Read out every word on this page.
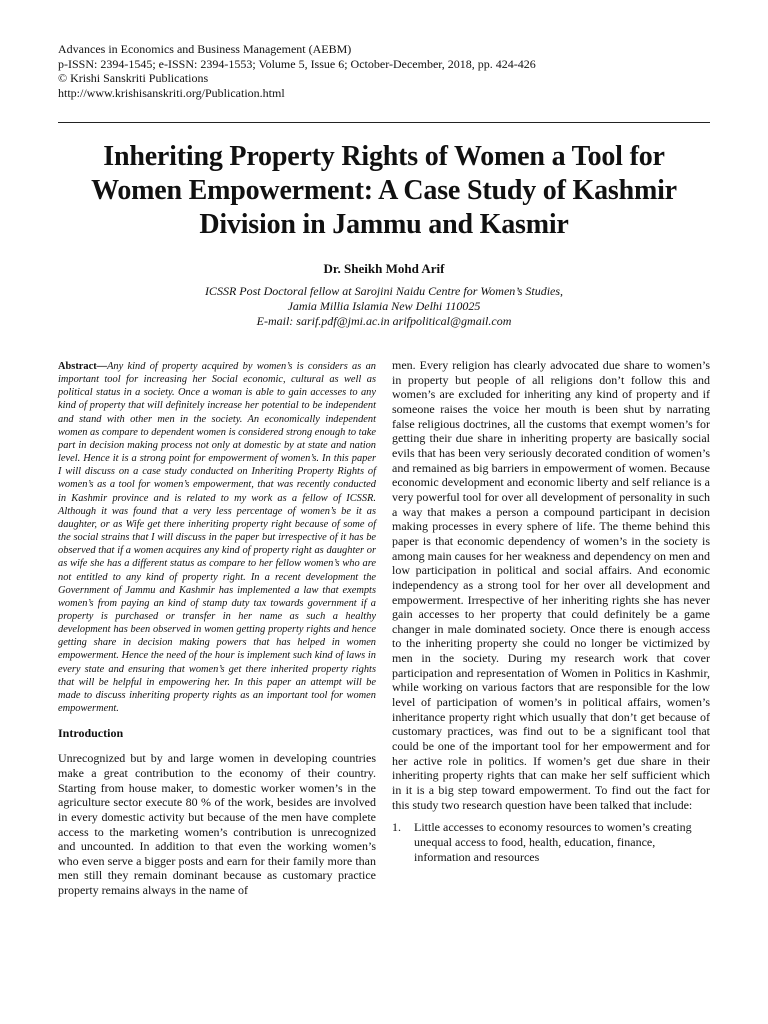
Advances in Economics and Business Management (AEBM)
p-ISSN: 2394-1545; e-ISSN: 2394-1553; Volume 5, Issue 6; October-December, 2018, pp. 424-426
© Krishi Sanskriti Publications
http://www.krishisanskriti.org/Publication.html
Inheriting Property Rights of Women a Tool for
Women Empowerment: A Case Study of Kashmir
Division in Jammu and Kasmir
Dr. Sheikh Mohd Arif
ICSSR Post Doctoral fellow at Sarojini Naidu Centre for Women’s Studies,
Jamia Millia Islamia New Delhi 110025
E-mail: sarif.pdf@jmi.ac.in arifpolitical@gmail.com

Abstract—Any kind of property acquired by women’s is considers as an important tool for increasing her Social economic, cultural as well as political status in a society. Once a woman is able to gain accesses to any kind of property that will definitely increase her potential to be independent and stand with other men in the society. An economically independent women as compare to dependent women is considered strong enough to take part in decision making process not only at domestic by at state and nation level. Hence it is a strong point for empowerment of women’s. In this paper I will discuss on a case study conducted on Inheriting Property Rights of women’s as a tool for women’s empowerment, that was recently conducted in Kashmir province and is related to my work as a fellow of ICSSR. Although it was found that a very less percentage of women’s be it as daughter, or as Wife get there inheriting property right because of some of the social strains that I will discuss in the paper but irrespective of it has be observed that if a women acquires any kind of property right as daughter or as wife she has a different status as compare to her fellow women’s who are not entitled to any kind of property right. In a recent development the Government of Jammu and Kashmir has implemented a law that exempts women’s from paying an kind of stamp duty tax towards government if a property is purchased or transfer in her name as such a healthy development has been observed in women getting property rights and hence getting share in decision making powers that has helped in women empowerment. Hence the need of the hour is implement such kind of laws in every state and ensuring that women’s get there inherited property rights that will be helpful in empowering her. In this paper an attempt will be made to discuss inheriting property rights as an important tool for women empowerment.

Introduction

Unrecognized but by and large women in developing countries make a great contribution to the economy of their country. Starting from house maker, to domestic worker women’s in the agriculture sector execute 80 % of the work, besides are involved in every domestic activity but because of the men have complete access to the marketing women’s contribution is unrecognized and uncounted. In addition to that even the working women’s who even serve a bigger posts and earn for their family more than men still they remain dominant because as customary practice property remains always in the name of

men. Every religion has clearly advocated due share to women’s in property but people of all religions don’t follow this and women’s are excluded for inheriting any kind of property and if someone raises the voice her mouth is been shut by narrating false religious doctrines, all the customs that exempt women’s for getting their due share in inheriting property are basically social evils that has been very seriously decorated condition of women’s and remained as big barriers in empowerment of women. Because economic development and economic liberty and self reliance is a very powerful tool for over all development of personality in such a way that makes a person a compound participant in decision making processes in every sphere of life. The theme behind this paper is that economic dependency of women’s in the society is among main causes for her weakness and dependency on men and low participation in political and social affairs. And economic independency as a strong tool for her over all development and empowerment. Irrespective of her inheriting rights she has never gain accesses to her property that could definitely be a game changer in male dominated society. Once there is enough access to the inheriting property she could no longer be victimized by men in the society. During my research work that cover participation and representation of Women in Politics in Kashmir, while working on various factors that are responsible for the low level of participation of women’s in political affairs, women’s inheritance property right which usually that don’t get because of customary practices, was find out to be a significant tool that could be one of the important tool for her empowerment and for her active role in politics. If women’s get due share in their inheriting property rights that can make her self sufficient which in it is a big step toward empowerment. To find out the fact for this study two research question have been talked that include:

1. Little accesses to economy resources to women’s creating unequal access to food, health, education, finance, information and resources
